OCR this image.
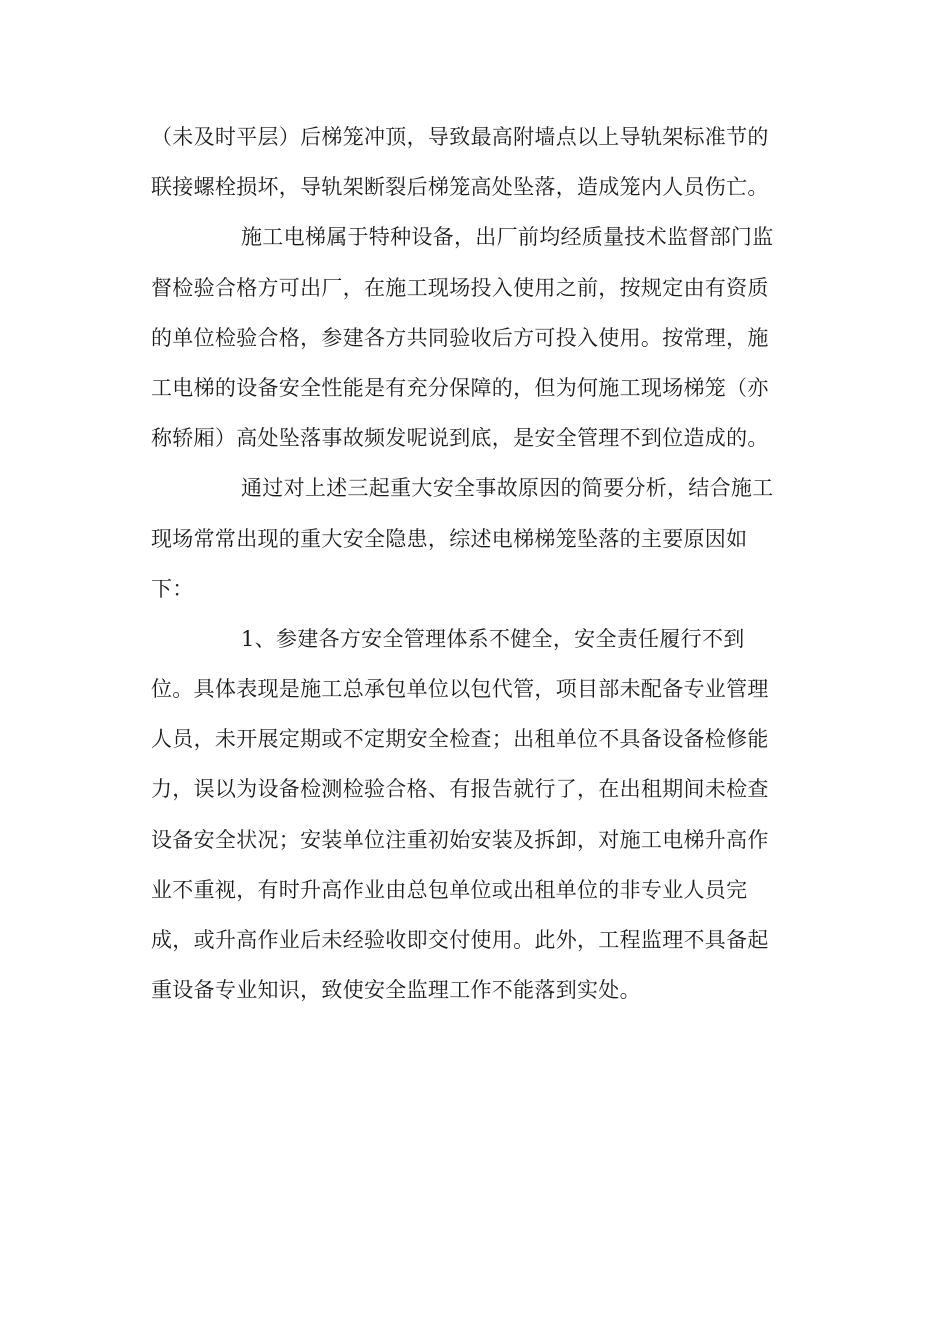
（未及时平层）后梯笼冲顶，导致最高附墙点以上导轨架标准节的
联接螺栓损坏，导轨架断裂后梯笼高处坠落，造成笼内人员伤亡。
施工电梯属于特种设备，出厂前均经质量技术监督部门监
督检验合格方可出厂，在施工现场投入使用之前，按规定由有资质
的单位检验合格，参建各方共同验收后方可投入使用。按常理，施
工电梯的设备安全性能是有充分保障的，但为何施工现场梯笼（亦
称轿厢）高处坠落事故频发呢说到底，是安全管理不到位造成的。
通过对上述三起重大安全事故原因的简要分析，结合施工
现场常常出现的重大安全隐患，综述电梯梯笼坠落的主要原因如
下：
1、参建各方安全管理体系不健全，安全责任履行不到
位。具体表现是施工总承包单位以包代管，项目部未配备专业管理
人员，未开展定期或不定期安全检查；出租单位不具备设备检修能
力，误以为设备检测检验合格、有报告就行了，在出租期间未检查
设备安全状况；安装单位注重初始安装及拆卸，对施工电梯升高作
业不重视，有时升高作业由总包单位或出租单位的非专业人员完
成，或升高作业后未经验收即交付使用。此外，工程监理不具备起
重设备专业知识，致使安全监理工作不能落到实处。
